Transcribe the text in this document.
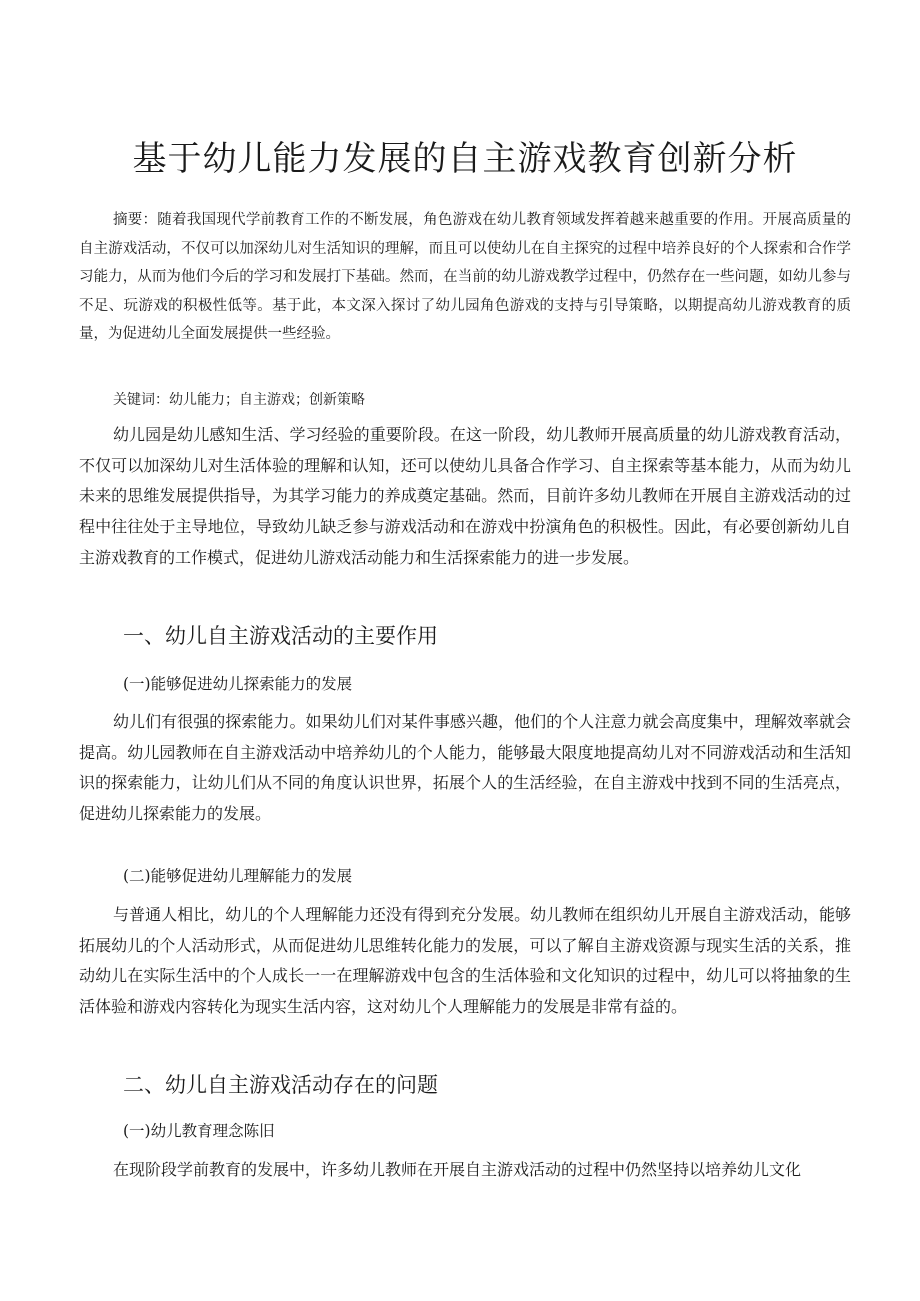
基于幼儿能力发展的自主游戏教育创新分析

摘要：随着我国现代学前教育工作的不断发展，角色游戏在幼儿教育领域发挥着越来越重要的作用。开展高质量的自主游戏活动，不仅可以加深幼儿对生活知识的理解，而且可以使幼儿在自主探究的过程中培养良好的个人探索和合作学习能力，从而为他们今后的学习和发展打下基础。然而，在当前的幼儿游戏教学过程中，仍然存在一些问题，如幼儿参与不足、玩游戏的积极性低等。基于此，本文深入探讨了幼儿园角色游戏的支持与引导策略，以期提高幼儿游戏教育的质量，为促进幼儿全面发展提供一些经验。

关键词：幼儿能力；自主游戏；创新策略

幼儿园是幼儿感知生活、学习经验的重要阶段。在这一阶段，幼儿教师开展高质量的幼儿游戏教育活动，不仅可以加深幼儿对生活体验的理解和认知，还可以使幼儿具备合作学习、自主探索等基本能力，从而为幼儿未来的思维发展提供指导，为其学习能力的养成奠定基础。然而，目前许多幼儿教师在开展自主游戏活动的过程中往往处于主导地位，导致幼儿缺乏参与游戏活动和在游戏中扮演角色的积极性。因此，有必要创新幼儿自主游戏教育的工作模式，促进幼儿游戏活动能力和生活探索能力的进一步发展。

一、幼儿自主游戏活动的主要作用
(一)能够促进幼儿探索能力的发展

幼儿们有很强的探索能力。如果幼儿们对某件事感兴趣，他们的个人注意力就会高度集中，理解效率就会提高。幼儿园教师在自主游戏活动中培养幼儿的个人能力，能够最大限度地提高幼儿对不同游戏活动和生活知识的探索能力，让幼儿们从不同的角度认识世界，拓展个人的生活经验，在自主游戏中找到不同的生活亮点，促进幼儿探索能力的发展。

(二)能够促进幼儿理解能力的发展

与普通人相比，幼儿的个人理解能力还没有得到充分发展。幼儿教师在组织幼儿开展自主游戏活动，能够拓展幼儿的个人活动形式，从而促进幼儿思维转化能力的发展，可以了解自主游戏资源与现实生活的关系，推动幼儿在实际生活中的个人成长一一在理解游戏中包含的生活体验和文化知识的过程中，幼儿可以将抽象的生活体验和游戏内容转化为现实生活内容，这对幼儿个人理解能力的发展是非常有益的。

二、幼儿自主游戏活动存在的问题
(一)幼儿教育理念陈旧

在现阶段学前教育的发展中，许多幼儿教师在开展自主游戏活动的过程中仍然坚持以培养幼儿文化
